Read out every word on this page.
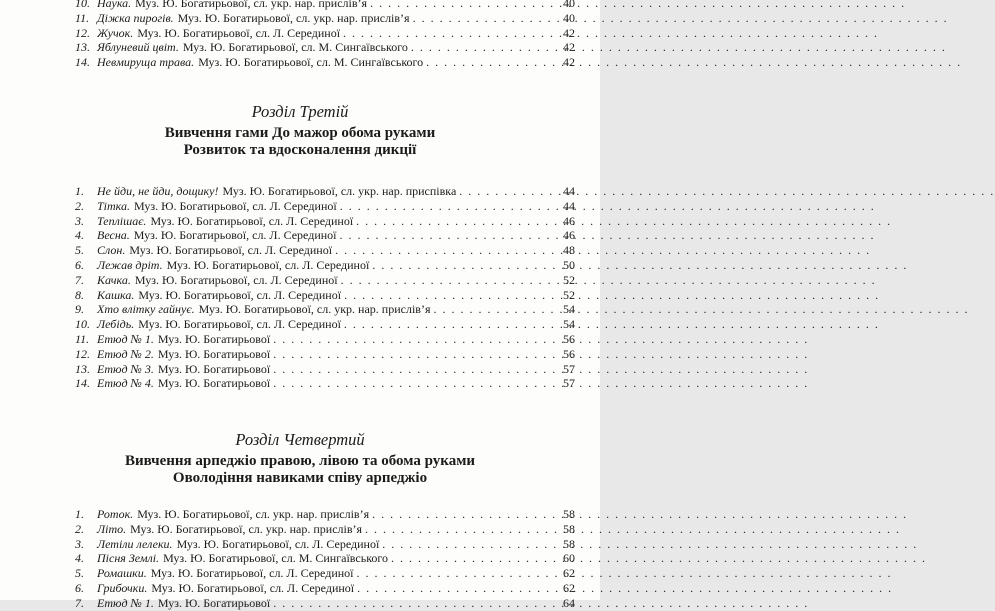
10. Наука. Муз. Ю. Богатирьової, сл. укр. нар. прислів’я . . .	40
11. Діжка пирогів. Муз. Ю. Богатирьової, сл. укр. нар. прислів’я . . .	40
12. Жучок. Муз. Ю. Богатирьової, сл. Л. Серединої . . .	42
13. Яблуневий цвіт. Муз. Ю. Богатирьової, сл. М. Сингаївського . . .	42
14. Невмируща трава. Муз. Ю. Богатирьової, сл. М. Сингаївського . . .	42
Розділ Третій
Вивчення гами До мажор обома руками
Розвиток та вдосконалення дикції
1.	Не йди, не йди, дощику! Муз. Ю. Богатирьової, сл. укр. нар. приспівка . . .	44
2.	Тітка. Муз. Ю. Богатирьової, сл. Л. Серединої . . .	44
3.	Теплішає. Муз. Ю. Богатирьової, сл. Л. Серединої . . .	46
4.	Весна. Муз. Ю. Богатирьової, сл. Л. Серединої . . .	46
5.	Слон. Муз. Ю. Богатирьової, сл. Л. Серединої . . .	48
6.	Лежав дріт. Муз. Ю. Богатирьової, сл. Л. Серединої . . .	50
7.	Качка. Муз. Ю. Богатирьової, сл. Л. Серединої . . .	52
8.	Кашка. Муз. Ю. Богатирьової, сл. Л. Серединої . . .	52
9.	Хто влітку гайнує. Муз. Ю. Богатирьової, сл. укр. нар. прислів’я . . .	54
10. Лебідь. Муз. Ю. Богатирьової, сл. Л. Серединої . . .	54
11. Етюд № 1. Муз. Ю. Богатирьової . . .	56
12. Етюд № 2. Муз. Ю. Богатирьової . . .	56
13. Етюд № 3. Муз. Ю. Богатирьової . . .	57
14. Етюд № 4. Муз. Ю. Богатирьової . . .	57
Розділ Четвертий
Вивчення арпеджіо правою, лівою та обома руками
Оволодіння навиками співу арпеджіо
1.	Роток. Муз. Ю. Богатирьової, сл. укр. нар. прислів’я . . .	58
2.	Літо. Муз. Ю. Богатирьової, сл. укр. нар. прислів’я . . .	58
3.	Летіли лелеки. Муз. Ю. Богатирьової, сл. Л. Серединої . . .	58
4.	Пісня Землі. Муз. Ю. Богатирьової, сл. М. Сингаївського . . .	60
5.	Ромашки. Муз. Ю. Богатирьової, сл. Л. Серединої . . .	62
6.	Грибочки. Муз. Ю. Богатирьової, сл. Л. Серединої . . .	62
7.	Етюд № 1. Муз. Ю. Богатирьової . . .	64
